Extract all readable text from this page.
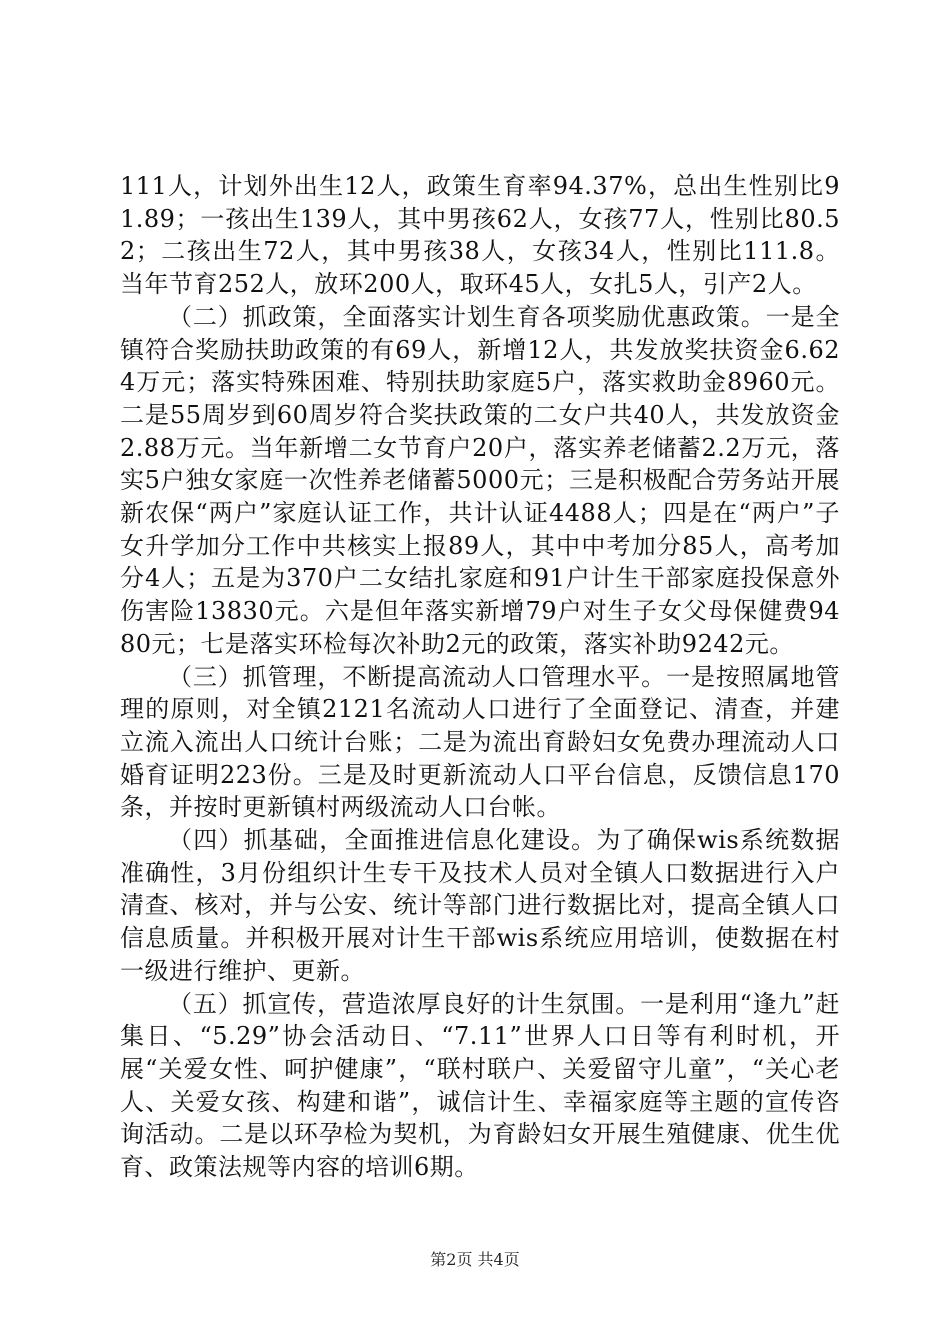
111人，计划外出生12人，政策生育率94.37%，总出生性别比91.89；一孩出生139人，其中男孩62人，女孩77人，性别比80.52；二孩出生72人，其中男孩38人，女孩34人，性别比111.8。当年节育252人，放环200人，取环45人，女扎5人，引产2人。

（二）抓政策，全面落实计划生育各项奖励优惠政策。一是全镇符合奖励扶助政策的有69人，新增12人，共发放奖扶资金6.624万元；落实特殊困难、特别扶助家庭5户，落实救助金8960元。二是55周岁到60周岁符合奖扶政策的二女户共40人，共发放资金2.88万元。当年新增二女节育户20户，落实养老储蓄2.2万元，落实5户独女家庭一次性养老储蓄5000元；三是积极配合劳务站开展新农保“两户”家庭认证工作，共计认证4488人；四是在“两户”子女升学加分工作中共核实上报89人，其中中考加分85人，高考加分4人；五是为370户二女结扎家庭和91户计生干部家庭投保意外伤害险13830元。六是但年落实新增79户对生子女父母保健费9480元；七是落实环检每次补助2元的政策，落实补助9242元。

（三）抓管理，不断提高流动人口管理水平。一是按照属地管理的原则，对全镇2121名流动人口进行了全面登记、清查，并建立流入流出人口统计台账；二是为流出育龄妇女免费办理流动人口婚育证明223份。三是及时更新流动人口平台信息，反馈信息170条，并按时更新镇村两级流动人口台帐。

（四）抓基础，全面推进信息化建设。为了确保wis系统数据准确性，3月份组织计生专干及技术人员对全镇人口数据进行入户清查、核对，并与公安、统计等部门进行数据比对，提高全镇人口信息质量。并积极开展对计生干部wis系统应用培训，使数据在村一级进行维护、更新。

（五）抓宣传，营造浓厚良好的计生氛围。一是利用“逢九”赶集日、“5.29”协会活动日、“7.11”世界人口日等有利时机，开展“关爱女性、呵护健康”，“联村联户、关爱留守儿童”，“关心老人、关爱女孩、构建和谐”，诚信计生、幸福家庭等主题的宣传咨询活动。二是以环孕检为契机，为育龄妇女开展生殖健康、优生优育、政策法规等内容的培训6期。

第2页 共4页
